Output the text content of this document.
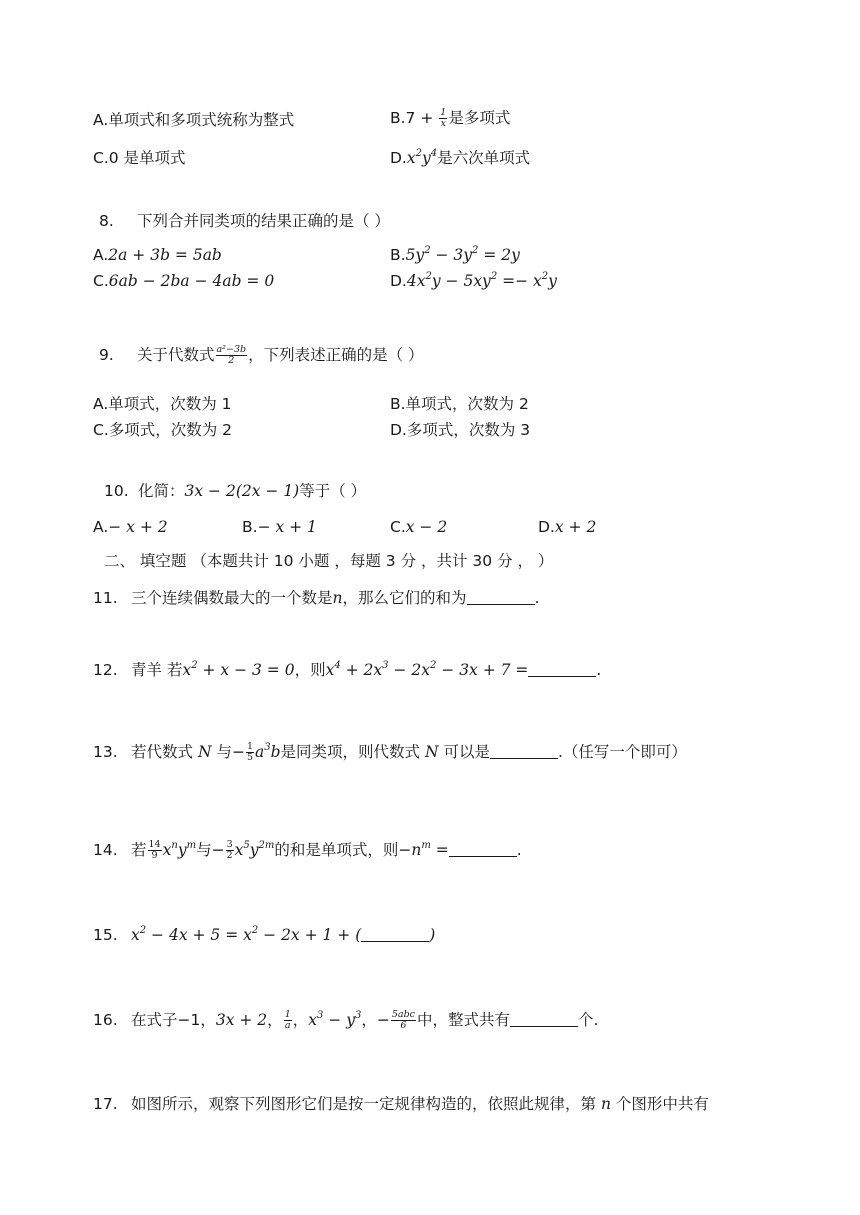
A.单项式和多项式统称为整式	$B.7 + \frac{1}{x}$ 是多项式
C.0 是单项式	$D.x^2y^4$是六次单项式
8. 下列合并同类项的结果正确的是（ ）
A.2a + 3b = 5ab	$B.5y^2 - 3y^2 = 2y$
C.6ab − 2ba − 4ab = 0	$D.4x^2y - 5xy^2 =- x^2y$
9. 关于代数式 $\frac{\text{a²−3b}}{2}$ ，下列表述正确的是（ ）
A.单项式，次数为 1	B.单项式，次数为 2
C.多项式，次数为 2	D.多项式，次数为 3
10. 化简：3x − 2(2x − 1)等于（ ）
A.− x + 2	B.− x + 1	C.x − 2	D.x + 2
二、 填空题 （本题共计 10 小题 ，每题 3 分 ，共计 30 分 ， ）
11. 三个连续偶数最大的一个数是n，那么它们的和为	.
12. 青羊 若$x^2 + x - 3 = 0$，则$x^4 + 2x^3 - 2x^2 - 3x + 7$ =	.
13. 若代数式 N 与− $\frac{1}{5} a^3b$是同类项，则代数式 N 可以是	.（任写一个即可）
14. 若 $\frac{14}{9} x^ny^m$与− $\frac{3}{2} x^5y^{2m}$的和是单项式，则$-n^m$ =	.
15. $x^2 - 4x + 5 = x^2 - 2x + 1$ + (	)
16. 在式子−1，3x + 2， $\frac{1}{a}$ ，$x^3 - y^3$，− $\frac{\text{5abc}}{6}$ 中，整式共有	个.
17. 如图所示，观察下列图形它们是按一定规律构造的，依照此规律，第 n 个图形中共有
